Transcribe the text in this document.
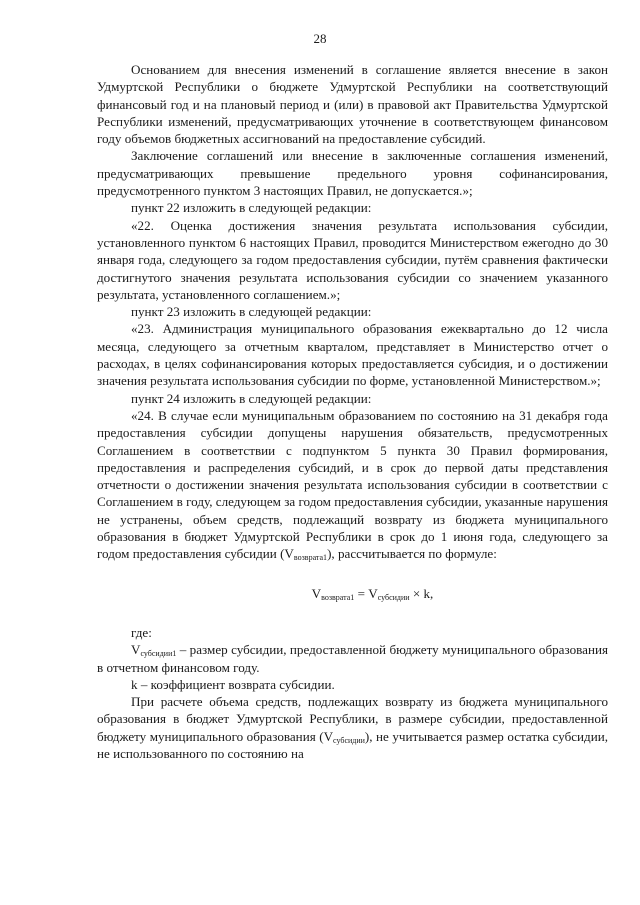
28

Основанием для внесения изменений в соглашение является внесение в закон Удмуртской Республики о бюджете Удмуртской Республики на соответствующий финансовый год и на плановый период и (или) в правовой акт Правительства Удмуртской Республики изменений, предусматривающих уточнение в соответствующем финансовом году объемов бюджетных ассигнований на предоставление субсидий.

Заключение соглашений или внесение в заключенные соглашения изменений, предусматривающих превышение предельного уровня софинансирования, предусмотренного пунктом 3 настоящих Правил, не допускается.»;

пункт 22 изложить в следующей редакции:

«22. Оценка достижения значения результата использования субсидии, установленного пунктом 6 настоящих Правил, проводится Министерством ежегодно до 30 января года, следующего за годом предоставления субсидии, путём сравнения фактически достигнутого значения результата использования субсидии со значением указанного результата, установленного соглашением.»;

пункт 23 изложить в следующей редакции:

«23. Администрация муниципального образования ежеквартально до 12 числа месяца, следующего за отчетным кварталом, представляет в Министерство отчет о расходах, в целях софинансирования которых предоставляется субсидия, и о достижении значения результата использования субсидии по форме, установленной Министерством.»;

пункт 24 изложить в следующей редакции:

«24. В случае если муниципальным образованием по состоянию на 31 декабря года предоставления субсидии допущены нарушения обязательств, предусмотренных Соглашением в соответствии с подпунктом 5 пункта 30 Правил формирования, предоставления и распределения субсидий, и в срок до первой даты представления отчетности о достижении значения результата использования субсидии в соответствии с Соглашением в году, следующем за годом предоставления субсидии, указанные нарушения не устранены, объем средств, подлежащий возврату из бюджета муниципального образования в бюджет Удмуртской Республики в срок до 1 июня года, следующего за годом предоставления субсидии $(V_{возврата1})$, рассчитывается по формуле:

$V_{возврата1} = V_{субсидии} \times k$,

где:

$V_{субсидии1}$ – размер субсидии, предоставленной бюджету муниципального образования в отчетном финансовом году.

k – коэффициент возврата субсидии.

При расчете объема средств, подлежащих возврату из бюджета муниципального образования в бюджет Удмуртской Республики, в размере субсидии, предоставленной бюджету муниципального образования $(V_{субсидии})$, не учитывается размер остатка субсидии, не использованного по состоянию на
